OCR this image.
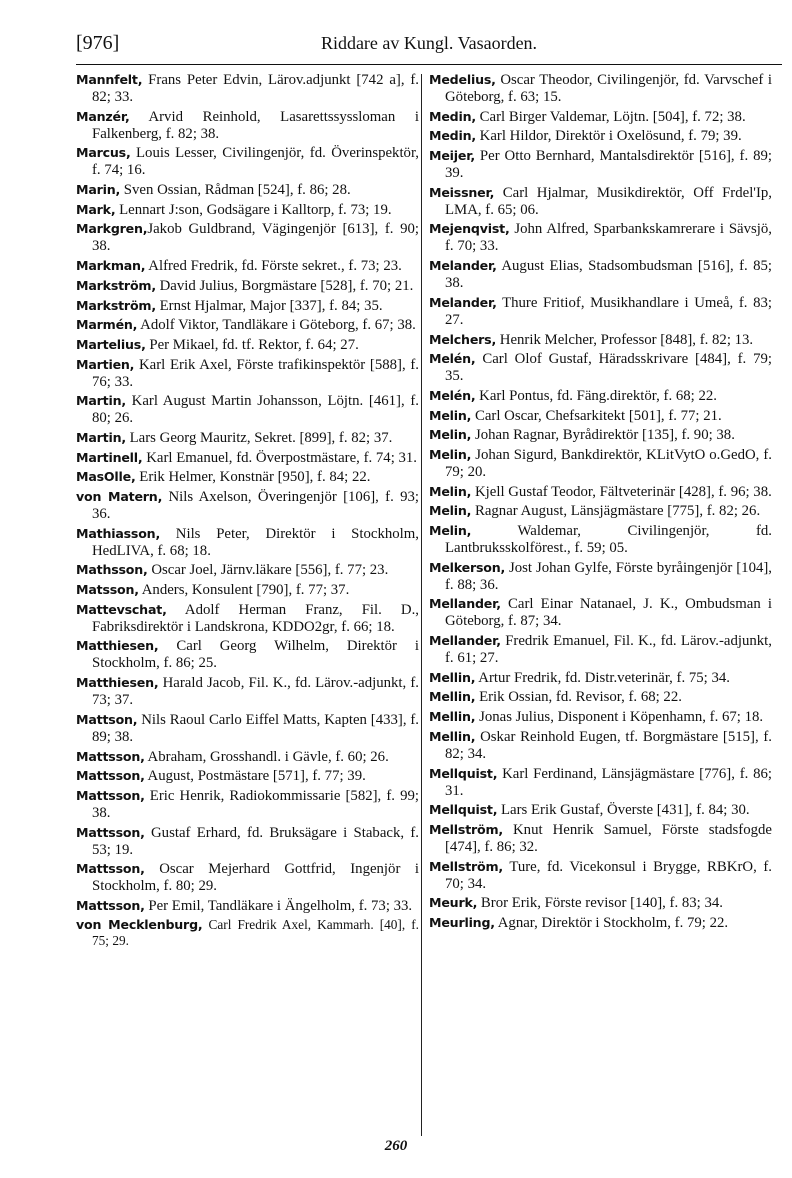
[976]	Riddare av Kungl. Vasaorden.

Mannfelt, Frans Peter Edvin, Lärov.adjunkt [742 a], f. 82; 33.

Manzér, Arvid Reinhold, Lasarettssyssloman i Falkenberg, f. 82; 38.

Marcus, Louis Lesser, Civilingenjör, fd. Överinspektör, f. 74; 16.

Marin, Sven Ossian, Rådman [524], f. 86; 28.

Mark, Lennart J:son, Godsägare i Kalltorp, f. 73; 19.

Markgren,Jakob Guldbrand, Vägingenjör [613], f. 90; 38.

Markman, Alfred Fredrik, fd. Förste sekret., f. 73; 23.

Markström, David Julius, Borgmästare [528], f. 70; 21.

Markström, Ernst Hjalmar, Major [337], f. 84; 35.

Marmén, Adolf Viktor, Tandläkare i Göteborg, f. 67; 38.

Martelius, Per Mikael, fd. tf. Rektor, f. 64; 27.

Martien, Karl Erik Axel, Förste trafikinspektör [588], f. 76; 33.

Martin, Karl August Martin Johansson, Löjtn. [461], f. 80; 26.

Martin, Lars Georg Mauritz, Sekret. [899], f. 82; 37.

Martinell, Karl Emanuel, fd. Överpostmästare, f. 74; 31.

MasOlle, Erik Helmer, Konstnär [950], f. 84; 22.

von Matern, Nils Axelson, Överingenjör [106], f. 93; 36.

Mathiasson, Nils Peter, Direktör i Stockholm, HedLIVA, f. 68; 18.

Mathsson, Oscar Joel, Järnv.läkare [556], f. 77; 23.

Matsson, Anders, Konsulent [790], f. 77; 37.

Mattevschat, Adolf Herman Franz, Fil. D., Fabriksdirektör i Landskrona, KDDO2gr, f. 66; 18.

Matthiesen, Carl Georg Wilhelm, Direktör i Stockholm, f. 86; 25.

Matthiesen, Harald Jacob, Fil. K., fd. Lärov.-adjunkt, f. 73; 37.

Mattson, Nils Raoul Carlo Eiffel Matts, Kapten [433], f. 89; 38.

Mattsson, Abraham, Grosshandl. i Gävle, f. 60; 26.

Mattsson, August, Postmästare [571], f. 77; 39.

Mattsson, Eric Henrik, Radiokommissarie [582], f. 99; 38.

Mattsson, Gustaf Erhard, fd. Bruksägare i Staback, f. 53; 19.

Mattsson, Oscar Mejerhard Gottfrid, Ingenjör i Stockholm, f. 80; 29.

Mattsson, Per Emil, Tandläkare i Ängelholm, f. 73; 33.

von Mecklenburg, Carl Fredrik Axel, Kammarh. [40], f. 75; 29.

Medelius, Oscar Theodor, Civilingenjör, fd. Varvschef i Göteborg, f. 63; 15.

Medin, Carl Birger Valdemar, Löjtn. [504], f. 72; 38.

Medin, Karl Hildor, Direktör i Oxelösund, f. 79; 39.

Meijer, Per Otto Bernhard, Mantalsdirektör [516], f. 89; 39.

Meissner, Carl Hjalmar, Musikdirektör, Off Frdel'Ip, LMA, f. 65; 06.

Mejenqvist, John Alfred, Sparbankskamrerare i Sävsjö, f. 70; 33.

Melander, August Elias, Stadsombudsman [516], f. 85; 38.

Melander, Thure Fritiof, Musikhandlare i Umeå, f. 83; 27.

Melchers, Henrik Melcher, Professor [848], f. 82; 13.

Melén, Carl Olof Gustaf, Häradsskrivare [484], f. 79; 35.

Melén, Karl Pontus, fd. Fäng.direktör, f. 68; 22.

Melin, Carl Oscar, Chefsarkitekt [501], f. 77; 21.

Melin, Johan Ragnar, Byrådirektör [135], f. 90; 38.

Melin, Johan Sigurd, Bankdirektör, KLitVytO o.GedO, f. 79; 20.

Melin, Kjell Gustaf Teodor, Fältveterinär [428], f. 96; 38.

Melin, Ragnar August, Länsjägmästare [775], f. 82; 26.

Melin, Waldemar, Civilingenjör, fd. Lantbruksskolförest., f. 59; 05.

Melkerson, Jost Johan Gylfe, Förste byråingenjör [104], f. 88; 36.

Mellander, Carl Einar Natanael, J. K., Ombudsman i Göteborg, f. 87; 34.

Mellander, Fredrik Emanuel, Fil. K., fd. Lärov.-adjunkt, f. 61; 27.

Mellin, Artur Fredrik, fd. Distr.veterinär, f. 75; 34.

Mellin, Erik Ossian, fd. Revisor, f. 68; 22.

Mellin, Jonas Julius, Disponent i Köpenhamn, f. 67; 18.

Mellin, Oskar Reinhold Eugen, tf. Borgmästare [515], f. 82; 34.

Mellquist, Karl Ferdinand, Länsjägmästare [776], f. 86; 31.

Mellquist, Lars Erik Gustaf, Överste [431], f. 84; 30.

Mellström, Knut Henrik Samuel, Förste stadsfogde [474], f. 86; 32.

Mellström, Ture, fd. Vicekonsul i Brygge, RBKrO, f. 70; 34.

Meurk, Bror Erik, Förste revisor [140], f. 83; 34.

Meurling, Agnar, Direktör i Stockholm, f. 79; 22.

260
